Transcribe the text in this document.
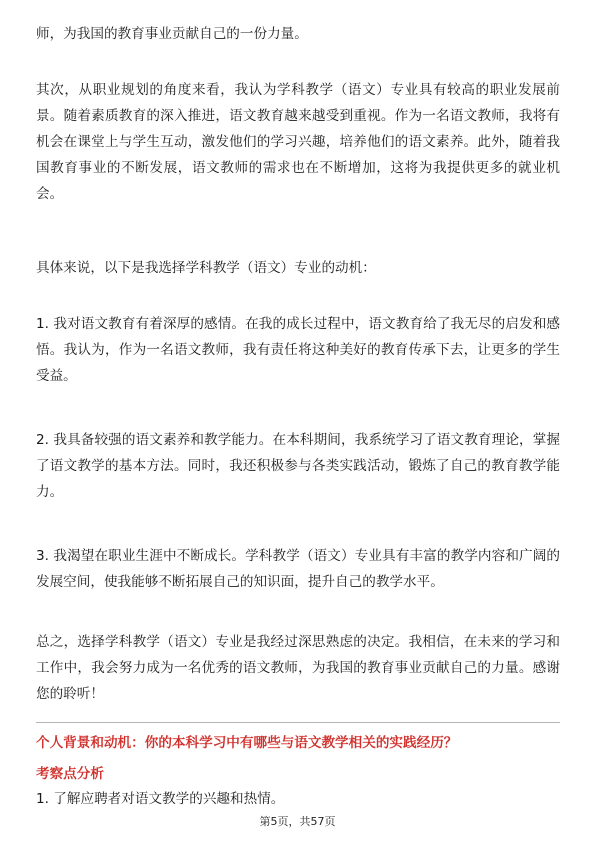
师，为我国的教育事业贡献自己的一份力量。

其次，从职业规划的角度来看，我认为学科教学（语文）专业具有较高的职业发展前景。随着素质教育的深入推进，语文教育越来越受到重视。作为一名语文教师，我将有机会在课堂上与学生互动，激发他们的学习兴趣，培养他们的语文素养。此外，随着我国教育事业的不断发展，语文教师的需求也在不断增加，这将为我提供更多的就业机会。

具体来说，以下是我选择学科教学（语文）专业的动机：

1. 我对语文教育有着深厚的感情。在我的成长过程中，语文教育给了我无尽的启发和感悟。我认为，作为一名语文教师，我有责任将这种美好的教育传承下去，让更多的学生受益。

2. 我具备较强的语文素养和教学能力。在本科期间，我系统学习了语文教育理论，掌握了语文教学的基本方法。同时，我还积极参与各类实践活动，锻炼了自己的教育教学能力。

3. 我渴望在职业生涯中不断成长。学科教学（语文）专业具有丰富的教学内容和广阔的发展空间，使我能够不断拓展自己的知识面，提升自己的教学水平。

总之，选择学科教学（语文）专业是我经过深思熟虑的决定。我相信，在未来的学习和工作中，我会努力成为一名优秀的语文教师，为我国的教育事业贡献自己的力量。感谢您的聆听！

个人背景和动机：你的本科学习中有哪些与语文教学相关的实践经历？

考察点分析

1. 了解应聘者对语文教学的兴趣和热情。

第5页，共57页
